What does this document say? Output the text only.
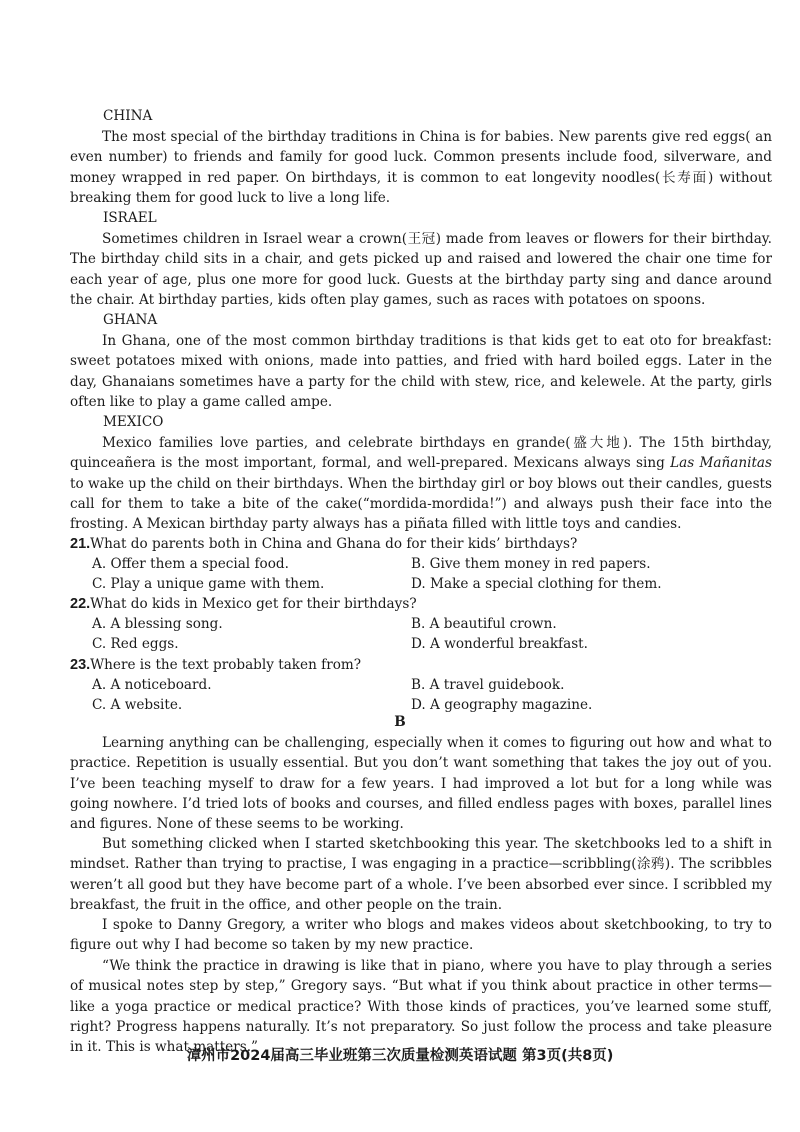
CHINA

The most special of the birthday traditions in China is for babies. New parents give red eggs( an even number) to friends and family for good luck. Common presents include food, silverware, and money wrapped in red paper. On birthdays, it is common to eat longevity noodles(长寿面) without breaking them for good luck to live a long life.

ISRAEL

Sometimes children in Israel wear a crown(王冠) made from leaves or flowers for their birthday. The birthday child sits in a chair, and gets picked up and raised and lowered the chair one time for each year of age, plus one more for good luck. Guests at the birthday party sing and dance around the chair. At birthday parties, kids often play games, such as races with potatoes on spoons.

GHANA

In Ghana, one of the most common birthday traditions is that kids get to eat oto for breakfast: sweet potatoes mixed with onions, made into patties, and fried with hard boiled eggs. Later in the day, Ghanaians sometimes have a party for the child with stew, rice, and kelewele. At the party, girls often like to play a game called ampe.

MEXICO

Mexico families love parties, and celebrate birthdays en grande(盛大地). The 15th birthday, quinceañera is the most important, formal, and well-prepared. Mexicans always sing Las Mañanitas to wake up the child on their birthdays. When the birthday girl or boy blows out their candles, guests call for them to take a bite of the cake(“mordida-mordida!”) and always push their face into the frosting. A Mexican birthday party always has a piñata filled with little toys and candies.

21.What do parents both in China and Ghana do for their kids’ birthdays?
A. Offer them a special food.	B. Give them money in red papers.
C. Play a unique game with them.	D. Make a special clothing for them.
22.What do kids in Mexico get for their birthdays?
A. A blessing song.	B. A beautiful crown.
C. Red eggs.	D. A wonderful breakfast.
23.Where is the text probably taken from?
A. A noticeboard.	B. A travel guidebook.
C. A website.	D. A geography magazine.
B

Learning anything can be challenging, especially when it comes to figuring out how and what to practice. Repetition is usually essential. But you don’t want something that takes the joy out of you. I’ve been teaching myself to draw for a few years. I had improved a lot but for a long while was going nowhere. I’d tried lots of books and courses, and filled endless pages with boxes, parallel lines and figures. None of these seems to be working.

But something clicked when I started sketchbooking this year. The sketchbooks led to a shift in mindset. Rather than trying to practise, I was engaging in a practice—scribbling(涂鸦). The scribbles weren’t all good but they have become part of a whole. I’ve been absorbed ever since. I scribbled my breakfast, the fruit in the office, and other people on the train.

I spoke to Danny Gregory, a writer who blogs and makes videos about sketchbooking, to try to figure out why I had become so taken by my new practice.

“We think the practice in drawing is like that in piano, where you have to play through a series of musical notes step by step,” Gregory says. “But what if you think about practice in other terms—like a yoga practice or medical practice? With those kinds of practices, you’ve learned some stuff, right? Progress happens naturally. It’s not preparatory. So just follow the process and take pleasure in it. This is what matters.”

漳州市2024届高三毕业班第三次质量检测英语试题 第3页(共8页)
